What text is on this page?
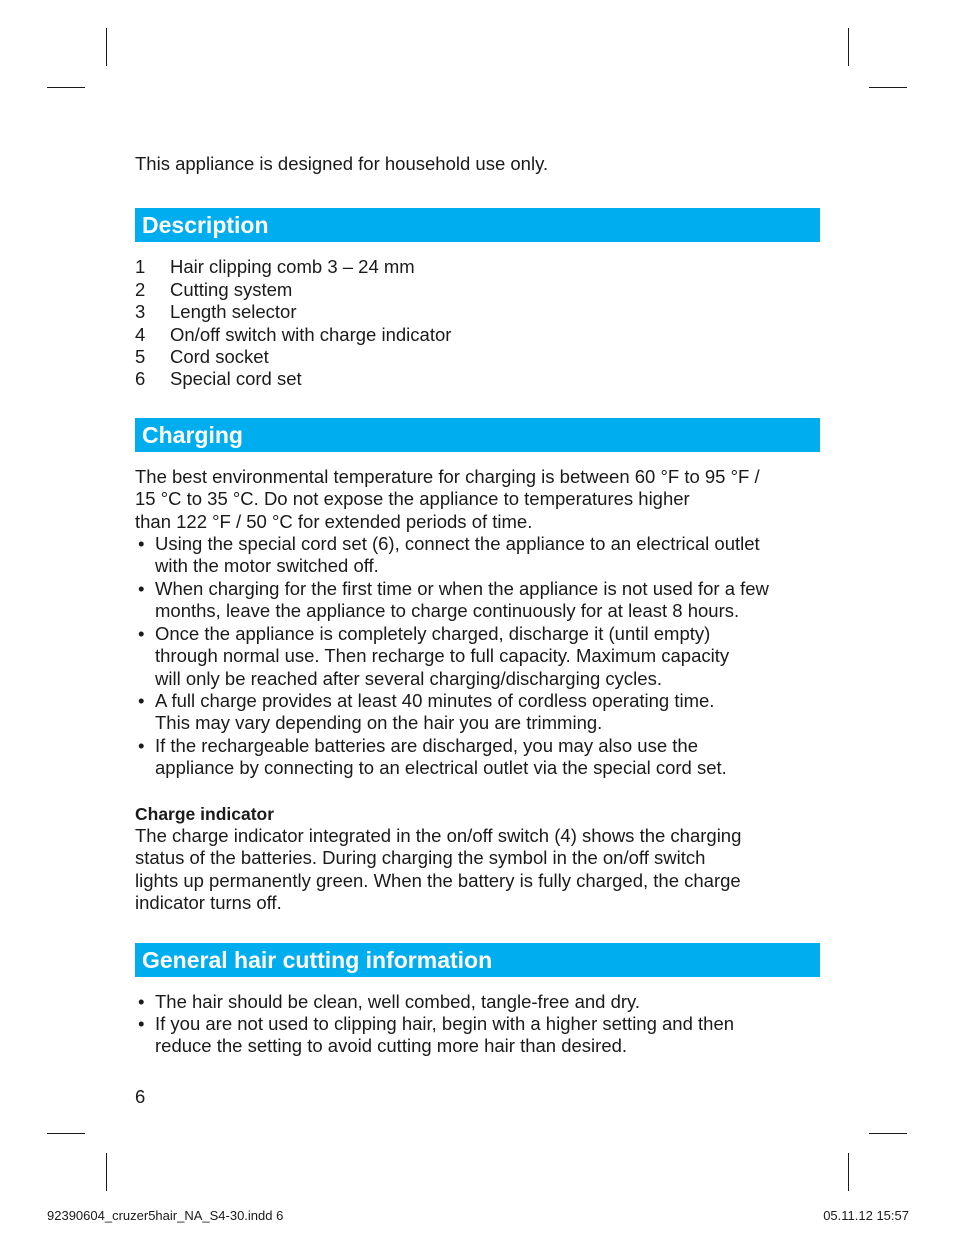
This appliance is designed for household use only.

Description
1	Hair clipping comb 3 – 24 mm
2	Cutting system
3	Length selector
4	On/off switch with charge indicator
5	Cord socket
6	Special cord set
Charging
The best environmental temperature for charging is between 60 °F to 95 °F /
15 °C to 35 °C. Do not expose the appliance to temperatures higher
than 122 °F / 50 °C for extended periods of time.
• Using the special cord set (6), connect the appliance to an electrical outlet
with the motor switched off.
• When charging for the first time or when the appliance is not used for a few
months, leave the appliance to charge continuously for at least 8 hours.
• Once the appliance is completely charged, discharge it (until empty)
through normal use. Then recharge to full capacity. Maximum capacity
will only be reached after several charging/discharging cycles.
• A full charge provides at least 40 minutes of cordless operating time.
This may vary depending on the hair you are trimming.
• If the rechargeable batteries are discharged, you may also use the
appliance by connecting to an electrical outlet via the special cord set.

Charge indicator

The charge indicator integrated in the on/off switch (4) shows the charging
status of the batteries. During charging the symbol in the on/off switch
lights up permanently green. When the battery is fully charged, the charge
indicator turns off.
General hair cutting information
• The hair should be clean, well combed, tangle-free and dry.
• If you are not used to clipping hair, begin with a higher setting and then
reduce the setting to avoid cutting more hair than desired.
6
92390604_cruzer5hair_NA_S4-30.indd 6	05.11.12 15:57
